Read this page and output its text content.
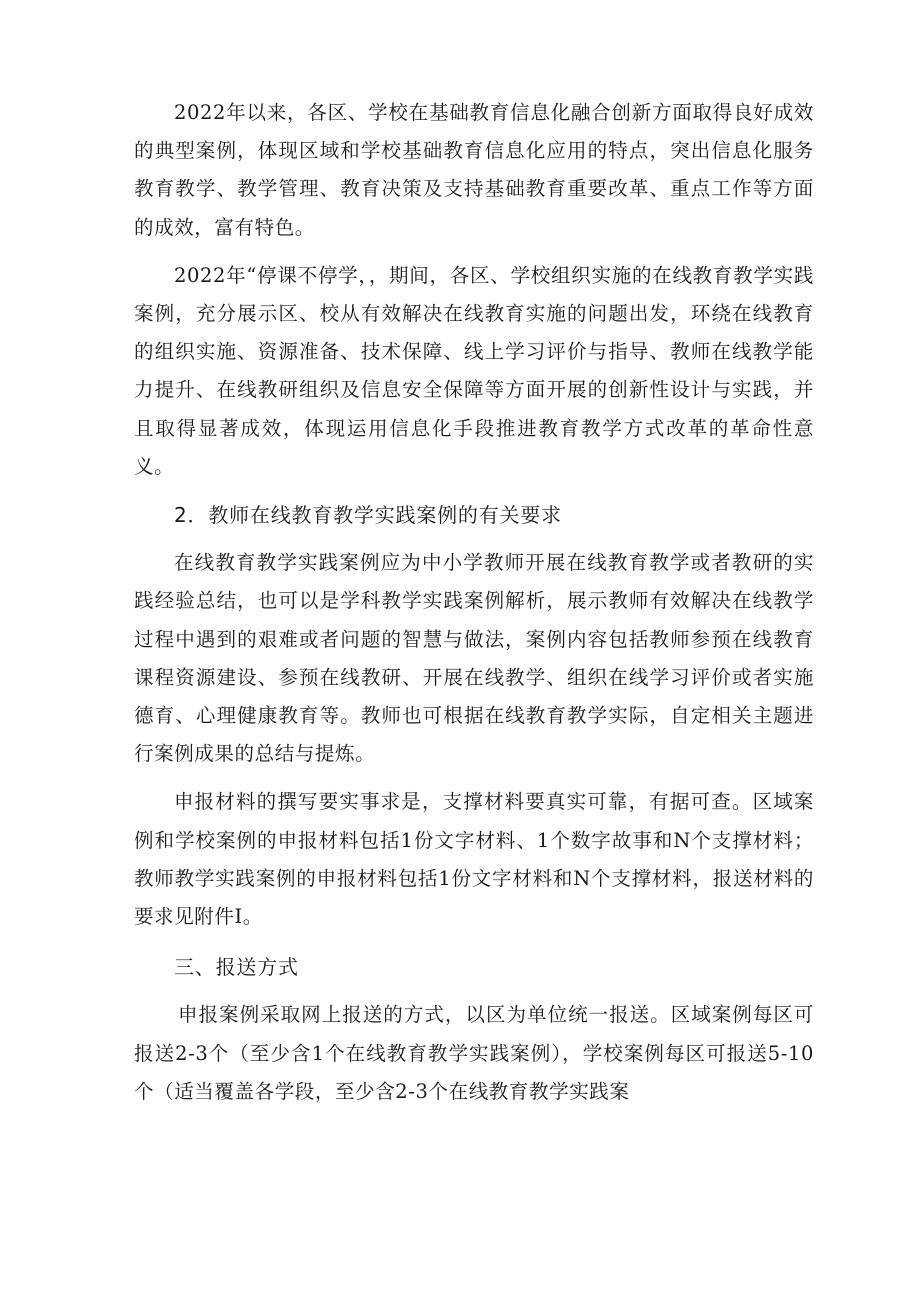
2022年以来，各区、学校在基础教育信息化融合创新方面取得良好成效的典型案例，体现区域和学校基础教育信息化应用的特点，突出信息化服务教育教学、教学管理、教育决策及支持基础教育重要改革、重点工作等方面的成效，富有特色。

2022年“停课不停学，，期间，各区、学校组织实施的在线教育教学实践案例，充分展示区、校从有效解决在线教育实施的问题出发，环绕在线教育的组织实施、资源准备、技术保障、线上学习评价与指导、教师在线教学能力提升、在线教研组织及信息安全保障等方面开展的创新性设计与实践，并且取得显著成效，体现运用信息化手段推进教育教学方式改革的革命性意义。

2．教师在线教育教学实践案例的有关要求

在线教育教学实践案例应为中小学教师开展在线教育教学或者教研的实践经验总结，也可以是学科教学实践案例解析，展示教师有效解决在线教学过程中遇到的艰难或者问题的智慧与做法，案例内容包括教师参预在线教育课程资源建设、参预在线教研、开展在线教学、组织在线学习评价或者实施德育、心理健康教育等。教师也可根据在线教育教学实际，自定相关主题进行案例成果的总结与提炼。

申报材料的撰写要实事求是，支撑材料要真实可靠，有据可查。区域案例和学校案例的申报材料包括1份文字材料、1个数字故事和N个支撑材料；教师教学实践案例的申报材料包括1份文字材料和N个支撑材料，报送材料的要求见附件I。

三、报送方式

申报案例采取网上报送的方式，以区为单位统一报送。区域案例每区可报送2-3个（至少含1个在线教育教学实践案例），学校案例每区可报送5-10个（适当覆盖各学段，至少含2-3个在线教育教学实践案
